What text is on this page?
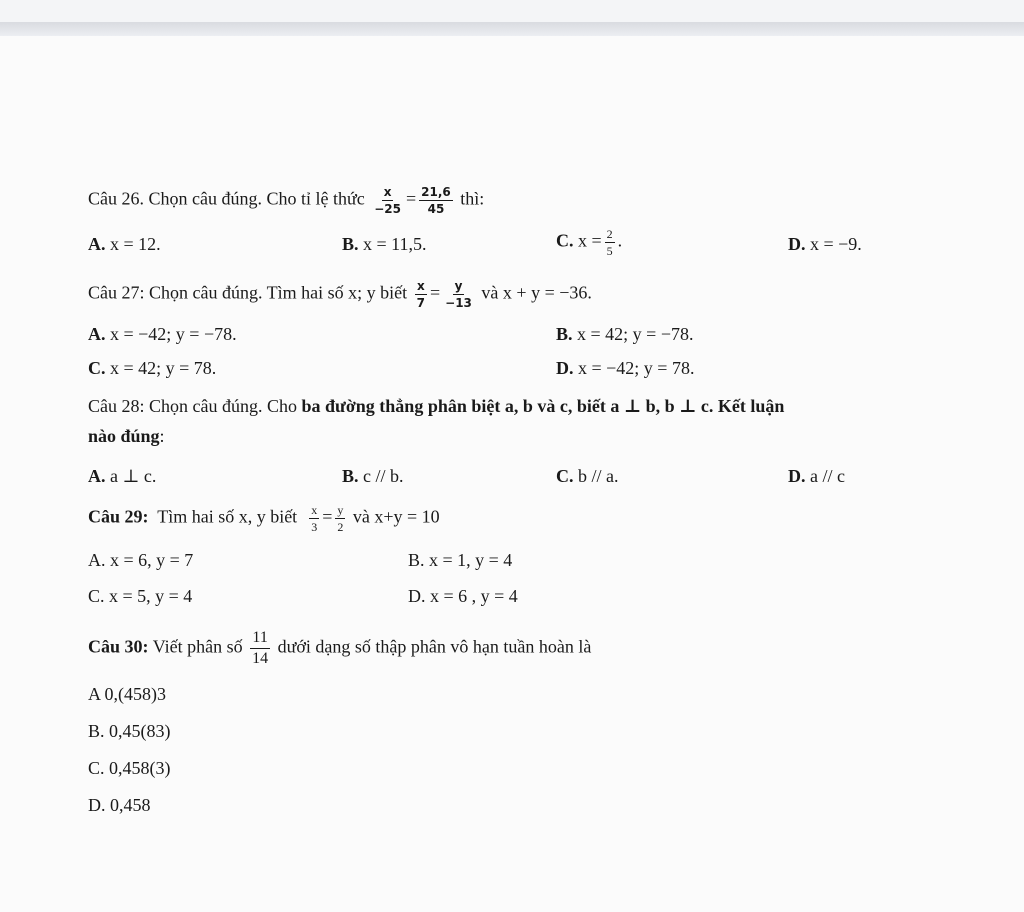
Câu 26. Chọn câu đúng. Cho tỉ lệ thức $\frac{x}{-25} = \frac{21,6}{45}$ thì:
A. x = 12.	B. x = 11,5.	C. $x = \frac{2}{5}$ .	D. x = −9.
Câu 27: Chọn câu đúng. Tìm hai số x; y biết $\frac{x}{7} = \frac{y}{-13}$ và x + y = −36.
A. x = −42; y = −78.	B. x = 42; y = −78.
C. x = 42; y = 78.	D. x = −42; y = 78.
Câu 28: Chọn câu đúng. Cho ba đường thẳng phân biệt a, b và c, biết a ⊥ b, b ⊥ c. Kết luận
nào đúng:
A. a ⊥ c.	B. c // b.	C. b // a.	D. a // c
Câu 29: Tìm hai số x, y biết $\frac{x}{3} = \frac{y}{2}$ và x+y = 10
A. x = 6, y = 7	B. x = 1, y = 4
C. x = 5, y = 4	D. x = 6 , y = 4
Câu 30: Viết phân số $\frac{11}{14}$ dưới dạng số thập phân vô hạn tuần hoàn là
A 0,(458)3
B. 0,45(83)
C. 0,458(3)
D. 0,458
